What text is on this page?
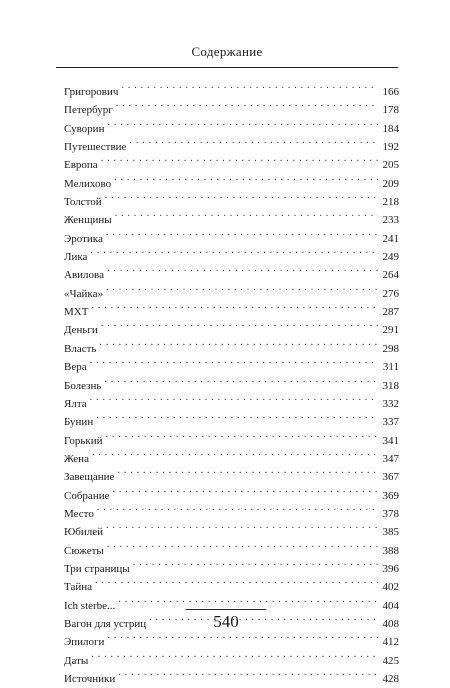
Содержание
Григорович . . .	166
Петербург . . .	178
Суворин . . .	184
Путешествие . . .	192
Европа . . .	205
Мелихово . . .	209
Толстой . . .	218
Женщины . . .	233
Эротика . . .	241
Лика . . .	249
Авилова . . .	264
«Чайка» . . .	276
МХТ . . .	287
Деньги . . .	291
Власть . . .	298
Вера . . .	311
Болезнь . . .	318
Ялта . . .	332
Бунин . . .	337
Горький . . .	341
Жена . . .	347
Завещание . . .	367
Собрание . . .	369
Место . . .	378
Юбилей . . .	385
Сюжеты . . .	388
Три страницы . . .	396
Тайна . . .	402
Ich sterbe... . . .	404
Вагон для устриц . . .	408
Эпилоги . . .	412
Даты . . .	425
Источники . . .	428
540
